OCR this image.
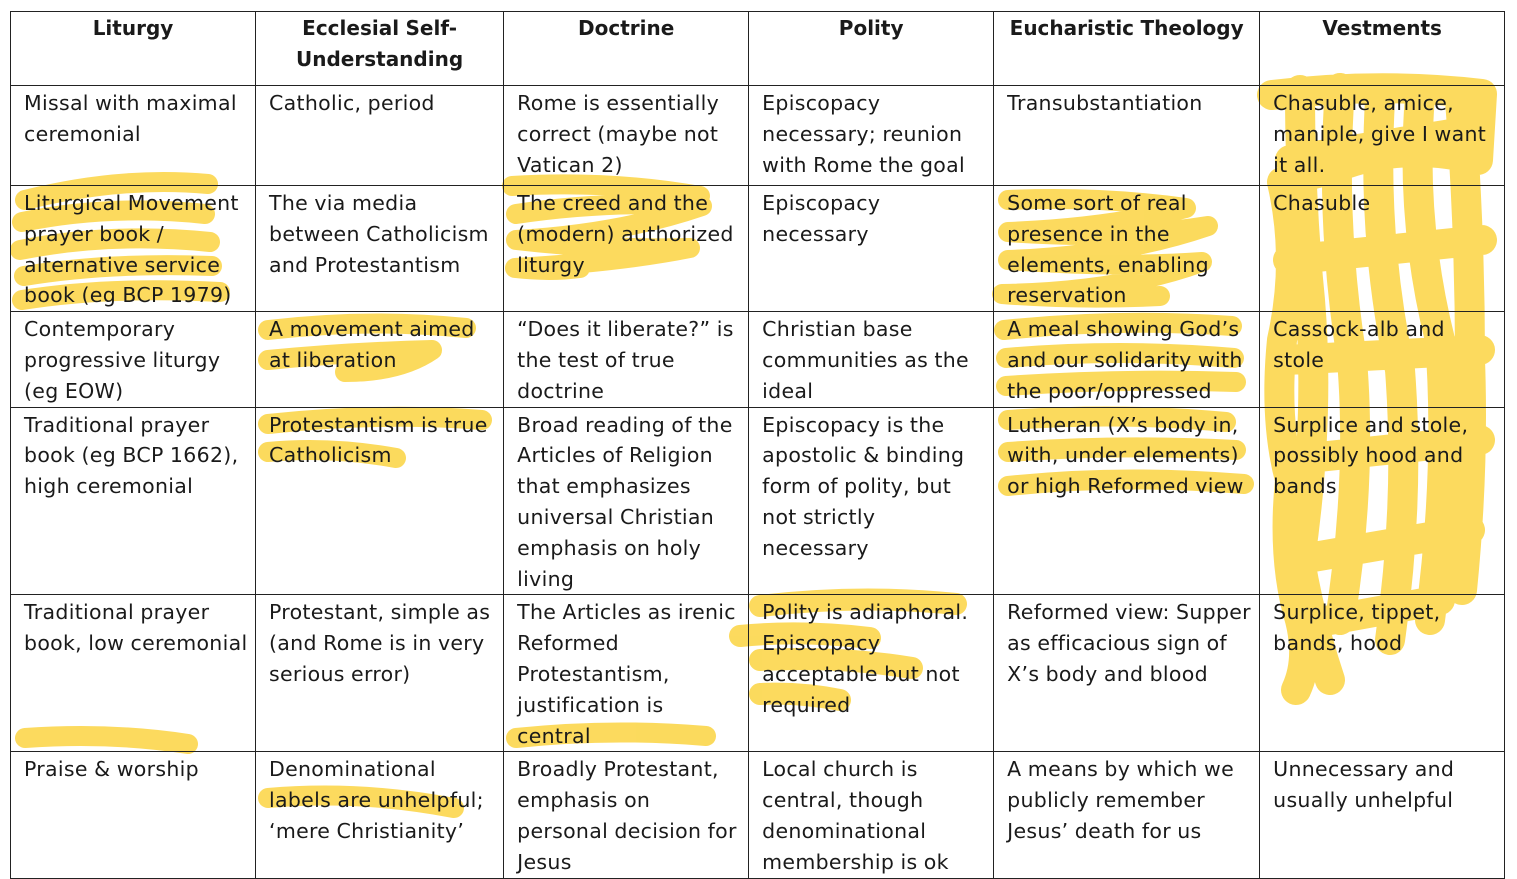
Liturgy	Ecclesial Self-Understanding	Doctrine	Polity	Eucharistic Theology	Vestments

Missal with maximal ceremonial	Catholic, period	Rome is essentially correct (maybe not Vatican 2)	Episcopacy necessary; reunion with Rome the goal	Transubstantiation	Chasuble, amice, maniple, give I want it all.

Liturgical Movement prayer book / alternative service book (eg BCP 1979)	The via media between Catholicism and Protestantism	The creed and the (modern) authorized liturgy	Episcopacy necessary	Some sort of real presence in the elements, enabling reservation	Chasuble

Contemporary progressive liturgy (eg EOW)	A movement aimed at liberation	“Does it liberate?” is the test of true doctrine	Christian base communities as the ideal	A meal showing God’s and our solidarity with the poor/oppressed	Cassock-alb and stole

Traditional prayer book (eg BCP 1662), high ceremonial	Protestantism is true Catholicism	Broad reading of the Articles of Religion that emphasizes universal Christian emphasis on holy living	Episcopacy is the apostolic & binding form of polity, but not strictly necessary	Lutheran (X’s body in, with, under elements) or high Reformed view	Surplice and stole, possibly hood and bands

Traditional prayer book, low ceremonial	Protestant, simple as (and Rome is in very serious error)	The Articles as irenic Reformed Protestantism, justification is central	Polity is adiaphoral. Episcopacy acceptable but not required	Reformed view: Supper as efficacious sign of X’s body and blood	Surplice, tippet, bands, hood

Praise & worship	Denominational labels are unhelpful; ‘mere Christianity’	Broadly Protestant, emphasis on personal decision for Jesus	Local church is central, though denominational membership is ok	A means by which we publicly remember Jesus’ death for us	Unnecessary and usually unhelpful
